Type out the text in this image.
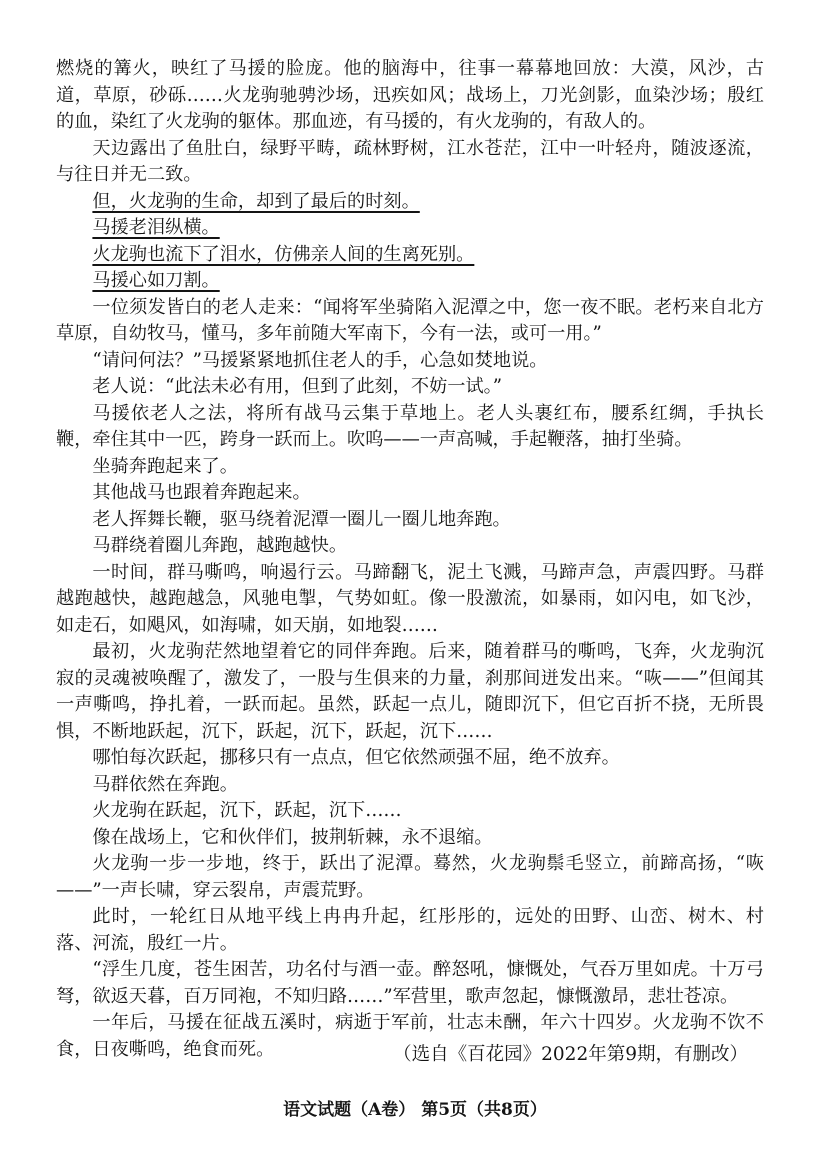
燃烧的篝火，映红了马援的脸庞。他的脑海中，往事一幕幕地回放：大漠，风沙，古道，草原，砂砾……火龙驹驰骋沙场，迅疾如风；战场上，刀光剑影，血染沙场；殷红的血，染红了火龙驹的躯体。那血迹，有马援的，有火龙驹的，有敌人的。

天边露出了鱼肚白，绿野平畴，疏林野树，江水苍茫，江中一叶轻舟，随波逐流，与往日并无二致。

但，火龙驹的生命，却到了最后的时刻。

马援老泪纵横。

火龙驹也流下了泪水，仿佛亲人间的生离死别。

马援心如刀割。

一位须发皆白的老人走来：“闻将军坐骑陷入泥潭之中，您一夜不眠。老朽来自北方草原，自幼牧马，懂马，多年前随大军南下，今有一法，或可一用。”

“请问何法？”马援紧紧地抓住老人的手，心急如焚地说。

老人说：“此法未必有用，但到了此刻，不妨一试。”

马援依老人之法，将所有战马云集于草地上。老人头裹红布，腰系红绸，手执长鞭，牵住其中一匹，跨身一跃而上。吹呜——一声高喊，手起鞭落，抽打坐骑。

坐骑奔跑起来了。

其他战马也跟着奔跑起来。

老人挥舞长鞭，驱马绕着泥潭一圈儿一圈儿地奔跑。

马群绕着圈儿奔跑，越跑越快。

一时间，群马嘶鸣，响遏行云。马蹄翻飞，泥土飞溅，马蹄声急，声震四野。马群越跑越快，越跑越急，风驰电掣，气势如虹。像一股激流，如暴雨，如闪电，如飞沙，如走石，如飓风，如海啸，如天崩，如地裂……

最初，火龙驹茫然地望着它的同伴奔跑。后来，随着群马的嘶鸣，飞奔，火龙驹沉寂的灵魂被唤醒了，激发了，一股与生俱来的力量，刹那间迸发出来。“咴——”但闻其一声嘶鸣，挣扎着，一跃而起。虽然，跃起一点儿，随即沉下，但它百折不挠，无所畏惧，不断地跃起，沉下，跃起，沉下，跃起，沉下……

哪怕每次跃起，挪移只有一点点，但它依然顽强不屈，绝不放弃。

马群依然在奔跑。

火龙驹在跃起，沉下，跃起，沉下……

像在战场上，它和伙伴们，披荆斩棘，永不退缩。

火龙驹一步一步地，终于，跃出了泥潭。蓦然，火龙驹鬃毛竖立，前蹄高扬，“咴——”一声长啸，穿云裂帛，声震荒野。

此时，一轮红日从地平线上冉冉升起，红彤彤的，远处的田野、山峦、树木、村落、河流，殷红一片。

“浮生几度，苍生困苦，功名付与酒一壶。醉怒吼，慷慨处，气吞万里如虎。十万弓弩，欲返天暮，百万同袍，不知归路……”军营里，歌声忽起，慷慨激昂，悲壮苍凉。

一年后，马援在征战五溪时，病逝于军前，壮志未酬，年六十四岁。火龙驹不饮不食，日夜嘶鸣，绝食而死。	（选自《百花园》2022年第9期，有删改）
语文试题（A卷） 第5页（共8页）
